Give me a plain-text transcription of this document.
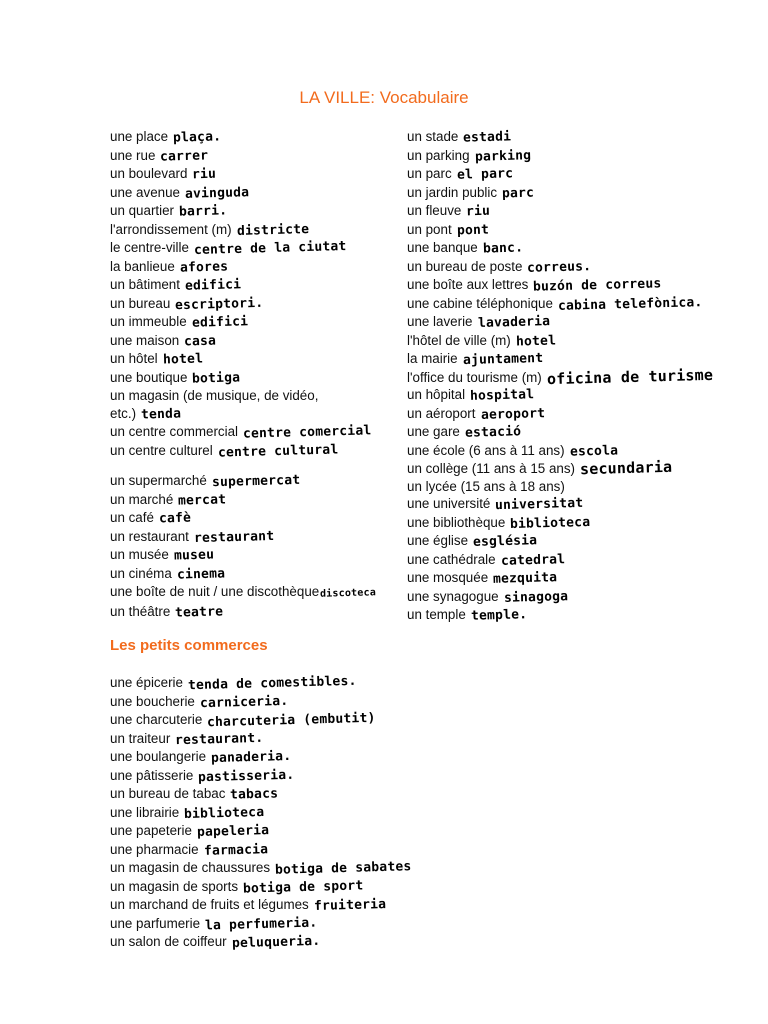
LA VILLE: Vocabulaire
une place plaça.
une rue carrer
un boulevard riu
une avenue avinguda
un quartier barri.
l'arrondissement (m) districte
le centre-ville centre de la ciutat
la banlieue afores
un bâtiment edifici
un bureau escriptori.
un immeuble edifici
une maison casa
un hôtel hotel
une boutique botiga
un magasin (de musique, de vidéo,
etc.) tenda
un centre commercial centre comercial
un centre culturel centre cultural
un supermarché supermercat
un marché mercat
un café cafè
un restaurant restaurant
un musée museu
un cinéma cinema
une boîte de nuit / une discothèquediscoteca
un théâtre teatre
un stade estadi
un parking parking
un parc el parc
un jardin public parc
un fleuve riu
un pont pont
une banque banc.
un bureau de poste correus.
une boîte aux lettres buzón de correus
une cabine téléphonique cabina telefònica.
une laverie lavaderia
l'hôtel de ville (m) hotel
la mairie ajuntament
l'office du tourisme (m) oficina de turisme
un hôpital hospital
un aéroport aeroport
une gare estació
une école (6 ans à 11 ans) escola
un collège (11 ans à 15 ans) secundaria
un lycée (15 ans à 18 ans)
une université universitat
une bibliothèque biblioteca
une église església
une cathédrale catedral
une mosquée mezquita
une synagogue sinagoga
un temple temple.
Les petits commerces
une épicerie tenda de comestibles.
une boucherie carniceria.
une charcuterie charcuteria (embutit)
un traiteur restaurant.
une boulangerie panaderia.
une pâtisserie pastisseria.
un bureau de tabac tabacs
une librairie biblioteca
une papeterie papeleria
une pharmacie farmacia
un magasin de chaussures botiga de sabates
un magasin de sports botiga de sport
un marchand de fruits et légumes fruiteria
une parfumerie la perfumeria.
un salon de coiffeur peluqueria.
